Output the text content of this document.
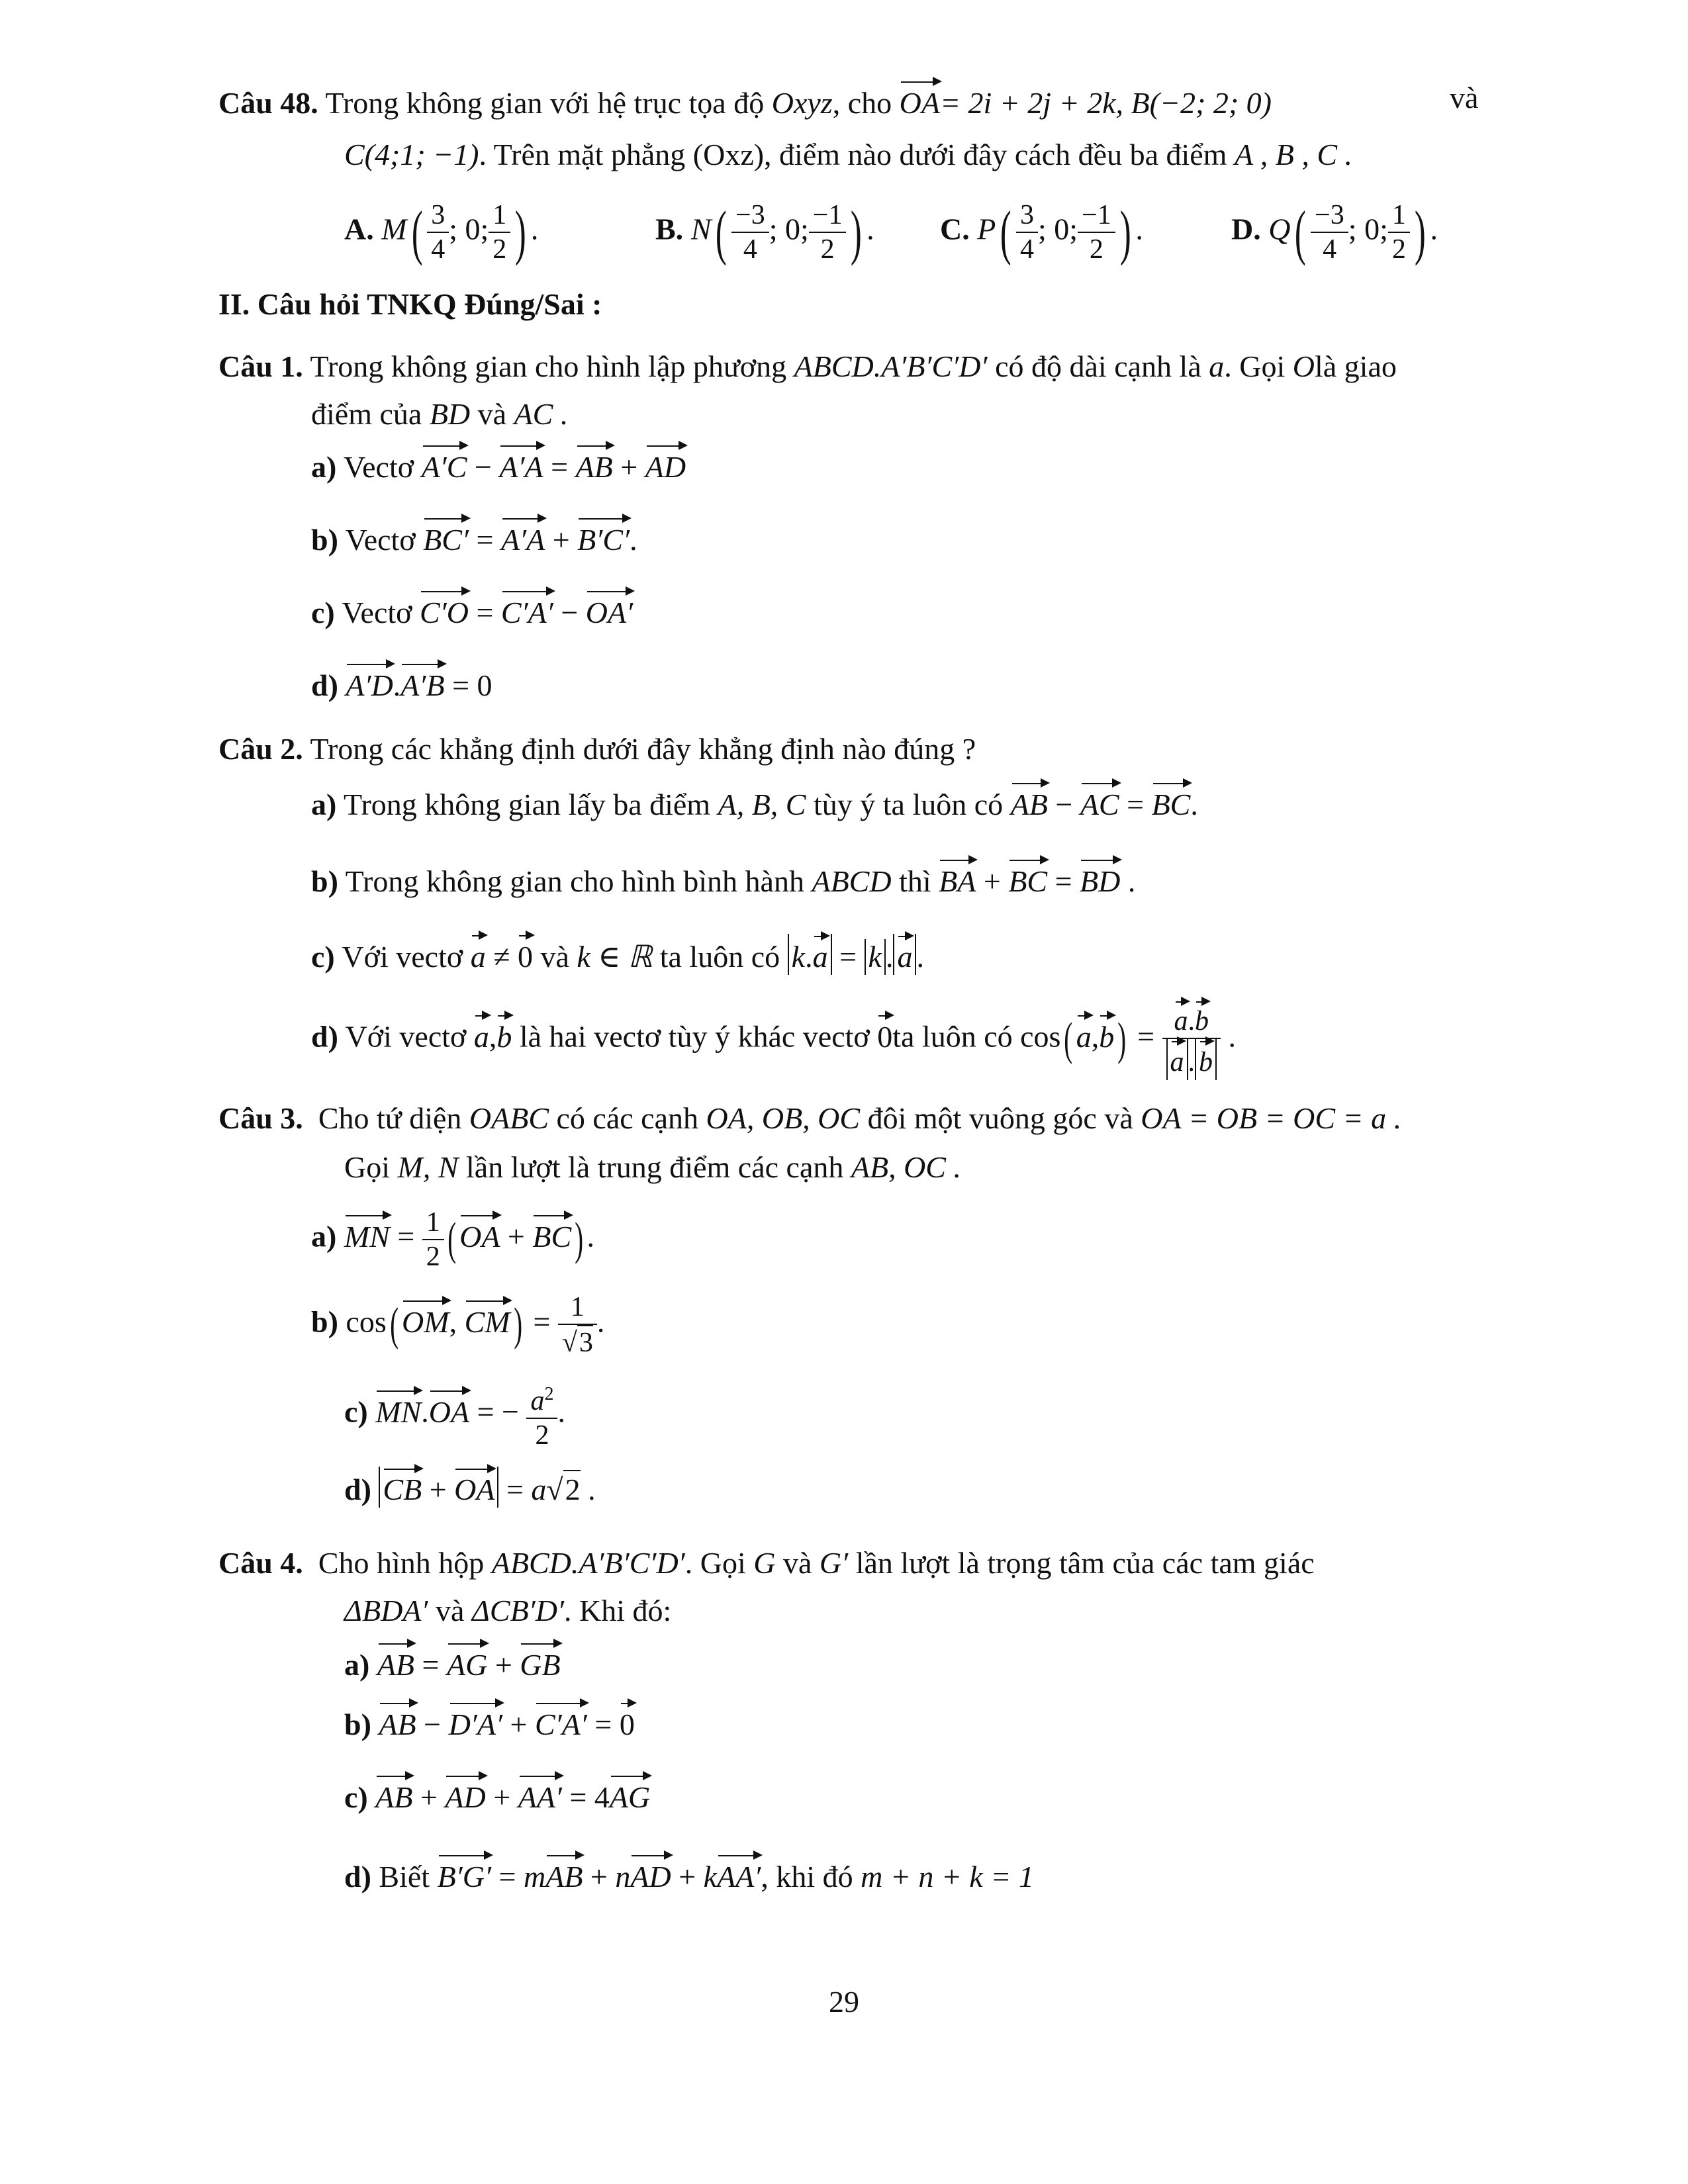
Câu 48. Trong không gian với hệ trục tọa độ Oxyz, cho OA= 2i + 2j + 2k, B(−2; 2; 0)	và
C(4;1; −1). Trên mặt phẳng (Oxz), điểm nào dưới đây cách đều ba điểm A , B , C .
A. $M( \frac{3}{4}$ ; 0; $\frac{1}{2}$ ) .	B. $N( \frac{-3}{4}$ ; 0; $\frac{-1}{2}$ ) . C. $P( \frac{3}{4}$ ; 0; $\frac{-1}{2}$ ) .	D. $Q( \frac{-3}{4}$ ; 0; $\frac{1}{2}$ ) .
II. Câu hỏi TNKQ Đúng/Sai :
Câu 1. Trong không gian cho hình lập phương ABCD.A′B′C′D′ có độ dài cạnh là a. Gọi Olà giao
điểm của BD và AC .
a) Vectơ A′C − A′A = AB + AD
b) Vectơ BC′ = A′A + B′C′.
c) Vectơ C′O = C′A′ − OA′
d) A′D.A′B = 0
Câu 2. Trong các khẳng định dưới đây khẳng định nào đúng ?
a) Trong không gian lấy ba điểm A, B, C tùy ý ta luôn có AB − AC = BC.
b) Trong không gian cho hình bình hành ABCD thì BA + BC = BD .
c) Với vectơ a ≠ 0 và k ∈ ℝ ta luôn có k.a = k . a .
d) Với vectơ a,b là hai vectơ tùy ý khác vectơ 0ta luôn có cos( $a,b) = \frac{a.b}{a . b}$ .
Câu 3. Cho tứ diện OABC có các cạnh OA, OB, OC đôi một vuông góc và OA = OB = OC = a .
Gọi M, N lần lượt là trung điểm các cạnh AB, OC .
a) MN = $\frac{1}{2}$ ( OA + BC) .
b) cos( OM, $CM) = \frac{1}{√3}$ .
c) MN.OA = − $\frac{a^2}{2}$ .
d) CB + OA = a√2 .
Câu 4. Cho hình hộp ABCD.A′B′C′D′. Gọi G và G′ lần lượt là trọng tâm của các tam giác
ΔBDA′ và ΔCB′D′. Khi đó:
a) AB = AG + GB
b) AB − D′A′ + C′A′ = 0
c) AB + AD + AA′ = 4AG
d) Biết B′G′ = mAB + nAD + kAA′, khi đó m + n + k = 1
29
